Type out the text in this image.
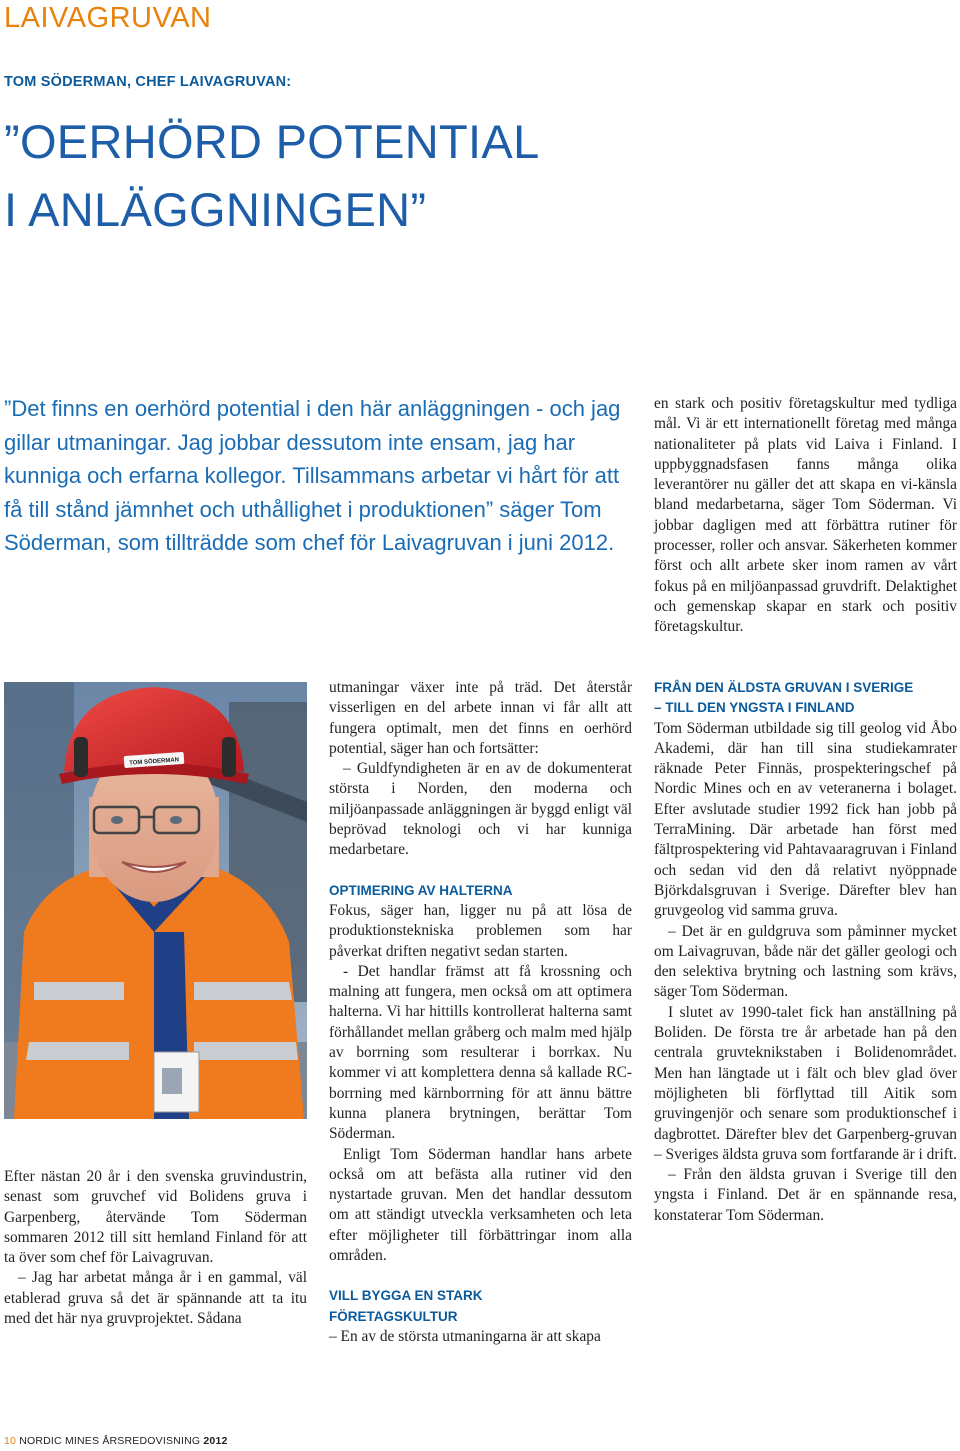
LAIVAGRUVAN
TOM SÖDERMAN, CHEF LAIVAGRUVAN:
”OERHÖRD POTENTIAL
I ANLÄGGNINGEN”

”Det finns en oerhörd potential i den här anläggningen - och jag gillar utmaningar. Jag jobbar dessutom inte ensam, jag har kunniga och erfarna kollegor. Tillsammans arbetar vi hårt för att få till stånd jämnhet och uthållighet i produktionen” säger Tom Söderman, som tillträdde som chef för Laivagruvan i juni 2012.

en stark och positiv företagskultur med tydliga mål. Vi är ett internationellt företag med många nationaliteter på plats vid Laiva i Finland. I uppbyggnadsfasen fanns många olika leverantörer nu gäller det att skapa en vi-känsla bland medarbetarna, säger Tom Söderman. Vi jobbar dagligen med att förbättra rutiner för processer, roller och ansvar. Säkerheten kommer först och allt arbete sker inom ramen av vårt fokus på en miljöanpassad gruvdrift. Delaktighet och gemenskap skapar en stark och positiv företagskultur.

TOM SÖDERMAN

Efter nästan 20 år i den svenska gruvindustrin, senast som gruvchef vid Bolidens gruva i Garpenberg, återvände Tom Söderman sommaren 2012 till sitt hemland Finland för att ta över som chef för Laivagruvan.

– Jag har arbetat många år i en gammal, väl etablerad gruva så det är spännande att ta itu med det här nya gruvprojektet. Sådana

utmaningar växer inte på träd. Det återstår visserligen en del arbete innan vi får allt att fungera optimalt, men det finns en oerhörd potential, säger han och fortsätter:

– Guldfyndigheten är en av de dokumenterat största i Norden, den moderna och miljöanpassade anläggningen är byggd enligt väl beprövad teknologi och vi har kunniga medarbetare.

OPTIMERING AV HALTERNA

Fokus, säger han, ligger nu på att lösa de produktionstekniska problemen som har påverkat driften negativt sedan starten.

- Det handlar främst att få krossning och malning att fungera, men också om att optimera halterna. Vi har hittills kontrollerat halterna samt förhållandet mellan gråberg och malm med hjälp av borrning som resulterar i borrkax. Nu kommer vi att komplettera denna så kallade RC-borrning med kärnborrning för att ännu bättre kunna planera brytningen, berättar Tom Söderman.

Enligt Tom Söderman handlar hans arbete också om att befästa alla rutiner vid den nystartade gruvan. Men det handlar dessutom om att ständigt utveckla verksamheten och leta efter möjligheter till förbättringar inom alla områden.

VILL BYGGA EN STARK
FÖRETAGSKULTUR

– En av de största utmaningarna är att skapa

FRÅN DEN ÄLDSTA GRUVAN I SVERIGE
– TILL DEN YNGSTA I FINLAND

Tom Söderman utbildade sig till geolog vid Åbo Akademi, där han till sina studiekamrater räknade Peter Finnäs, prospekteringschef på Nordic Mines och en av veteranerna i bolaget. Efter avslutade studier 1992 fick han jobb på TerraMining. Där arbetade han först med fältprospektering vid Pahtavaaragruvan i Finland och sedan vid den då relativt nyöppnade Björkdalsgruvan i Sverige. Därefter blev han gruvgeolog vid samma gruva.

– Det är en guldgruva som påminner mycket om Laivagruvan, både när det gäller geologi och den selektiva brytning och lastning som krävs, säger Tom Söderman.

I slutet av 1990-talet fick han anställning på Boliden. De första tre år arbetade han på den centrala gruvteknikstaben i Bolidenområdet. Men han längtade ut i fält och blev glad över möjligheten bli förflyttad till Aitik som gruvingenjör och senare som produktionschef i dagbrottet. Därefter blev det Garpenberg-gruvan – Sveriges äldsta gruva som fortfarande är i drift.

– Från den äldsta gruvan i Sverige till den yngsta i Finland. Det är en spännande resa, konstaterar Tom Söderman.

10 NORDIC MINES ÅRSREDOVISNING 2012
